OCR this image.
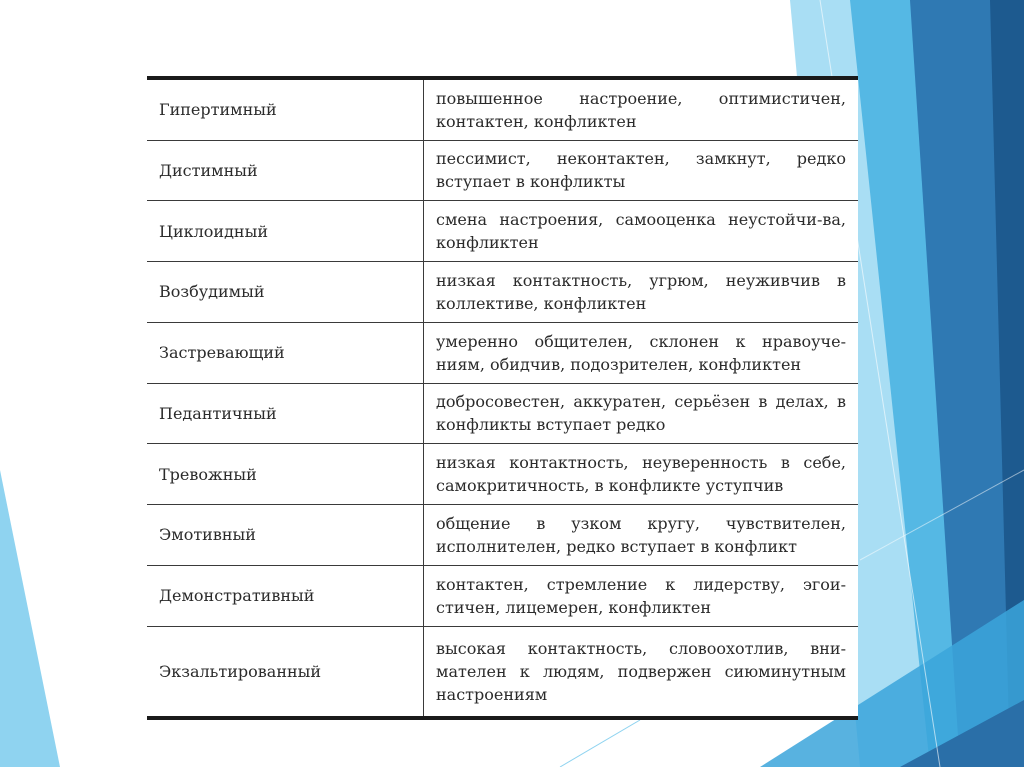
Гипертимный	повышенное настроение, оптимистичен, контактен, конфликтен
Дистимный	пессимист, неконтактен, замкнут, редко вступает в конфликты
Циклоидный	смена настроения, самооценка неустойчи-ва, конфликтен
Возбудимый	низкая контактность, угрюм, неуживчив в коллективе, конфликтен
Застревающий	умеренно общителен, склонен к нравоуче-ниям, обидчив, подозрителен, конфликтен
Педантичный	добросовестен, аккуратен, серьёзен в делах, в конфликты вступает редко
Тревожный	низкая контактность, неуверенность в себе, самокритичность, в конфликте уступчив
Эмотивный	общение в узком кругу, чувствителен, исполнителен, редко вступает в конфликт
Демонстративный	контактен, стремление к лидерству, эгои-стичен, лицемерен, конфликтен
Экзальтированный	высокая контактность, словоохотлив, вни-мателен к людям, подвержен сиюминутным настроениям
